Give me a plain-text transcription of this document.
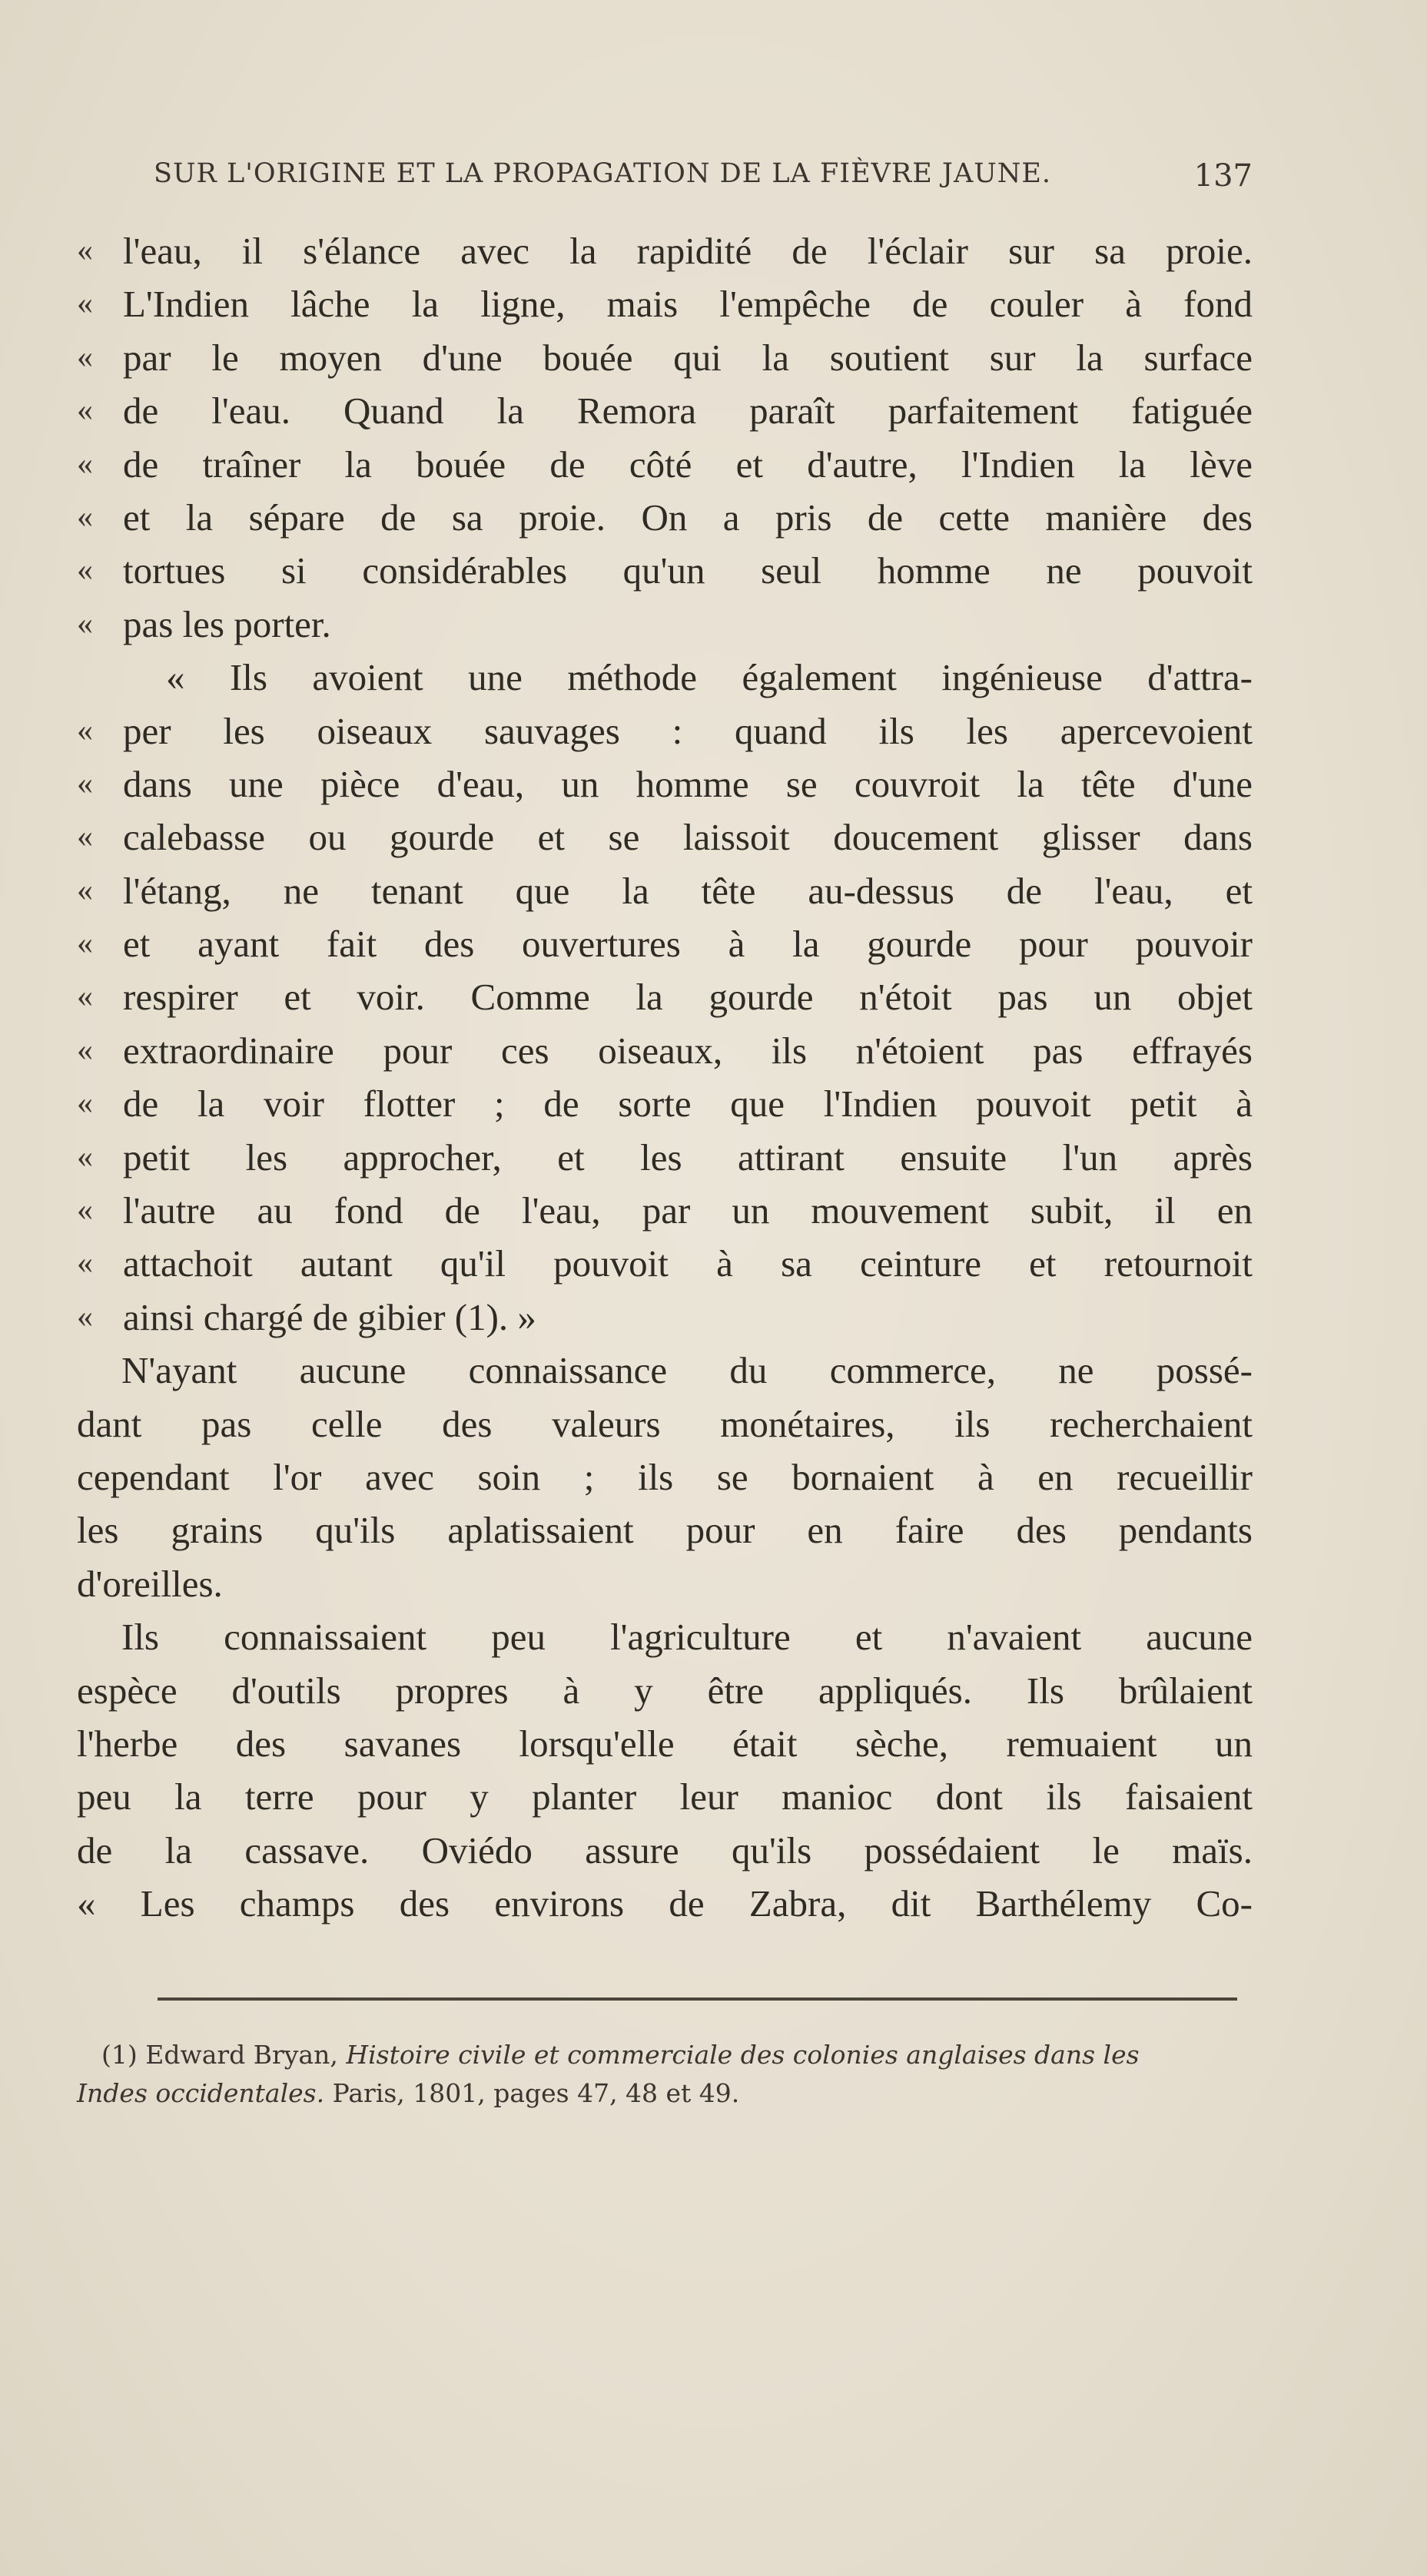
SUR L'ORIGINE ET LA PROPAGATION DE LA FIÈVRE JAUNE.	137
« l'eau, il s'élance avec la rapidité de l'éclair sur sa proie.
« L'Indien lâche la ligne, mais l'empêche de couler à fond
« par le moyen d'une bouée qui la soutient sur la surface
« de l'eau. Quand la Remora paraît parfaitement fatiguée
« de traîner la bouée de côté et d'autre, l'Indien la lève
« et la sépare de sa proie. On a pris de cette manière des
« tortues si considérables qu'un seul homme ne pouvoit
« pas les porter.
« Ils avoient une méthode également ingénieuse d'attra-
« per les oiseaux sauvages : quand ils les apercevoient
« dans une pièce d'eau, un homme se couvroit la tête d'une
« calebasse ou gourde et se laissoit doucement glisser dans
« l'étang, ne tenant que la tête au-dessus de l'eau, et
« et ayant fait des ouvertures à la gourde pour pouvoir
« respirer et voir. Comme la gourde n'étoit pas un objet
« extraordinaire pour ces oiseaux, ils n'étoient pas effrayés
« de la voir flotter ; de sorte que l'Indien pouvoit petit à
« petit les approcher, et les attirant ensuite l'un après
« l'autre au fond de l'eau, par un mouvement subit, il en
« attachoit autant qu'il pouvoit à sa ceinture et retournoit
« ainsi chargé de gibier (1). »
N'ayant aucune connaissance du commerce, ne possé-
dant pas celle des valeurs monétaires, ils recherchaient
cependant l'or avec soin ; ils se bornaient à en recueillir
les grains qu'ils aplatissaient pour en faire des pendants
d'oreilles.
Ils connaissaient peu l'agriculture et n'avaient aucune
espèce d'outils propres à y être appliqués. Ils brûlaient
l'herbe des savanes lorsqu'elle était sèche, remuaient un
peu la terre pour y planter leur manioc dont ils faisaient
de la cassave. Oviédo assure qu'ils possédaient le maïs.
« Les champs des environs de Zabra, dit Barthélemy Co-
(1) Edward Bryan, Histoire civile et commerciale des colonies anglaises dans les
Indes occidentales. Paris, 1801, pages 47, 48 et 49.
